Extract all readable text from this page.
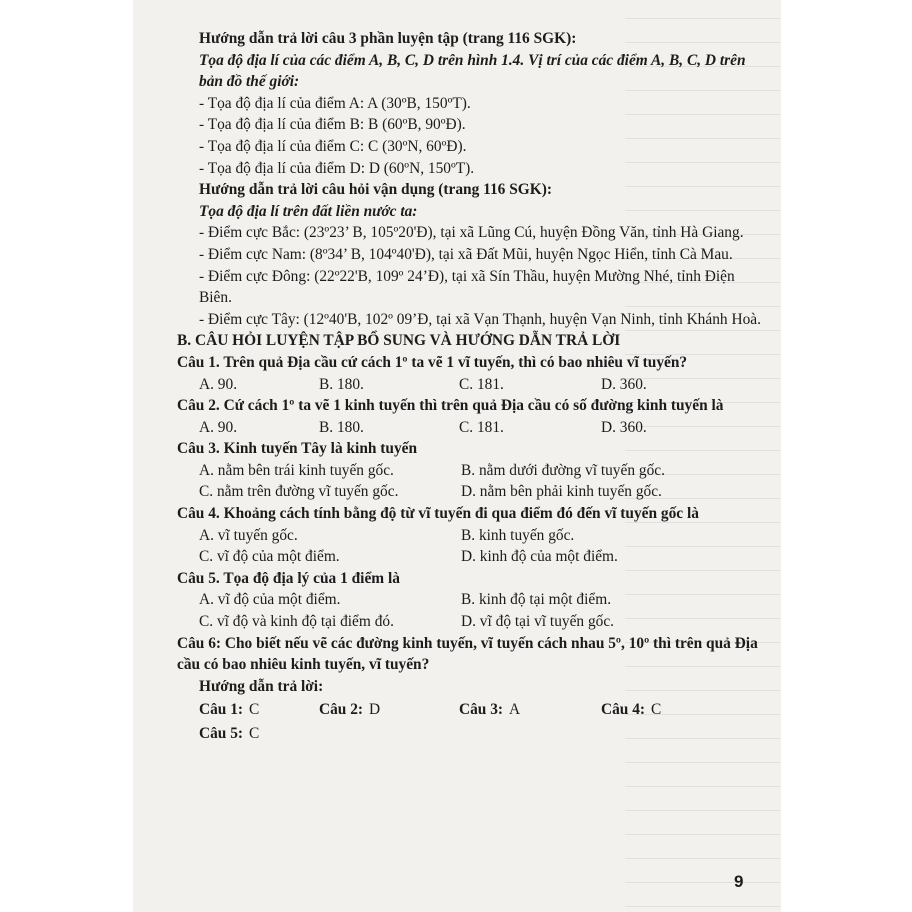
Hướng dẫn trả lời câu 3 phần luyện tập (trang 116 SGK):

Tọa độ địa lí của các điểm A, B, C, D trên hình 1.4. Vị trí của các điểm A, B, C, D trên bản đồ thế giới:

- Tọa độ địa lí của điểm A: A (30ºB, 150ºT).

- Tọa độ địa lí của điểm B: B (60ºB, 90ºĐ).

- Tọa độ địa lí của điểm C: C (30ºN, 60ºĐ).

- Tọa độ địa lí của điểm D: D (60ºN, 150ºT).

Hướng dẫn trả lời câu hỏi vận dụng (trang 116 SGK):

Tọa độ địa lí trên đất liền nước ta:

- Điểm cực Bắc: (23º23’ B, 105º20'Đ), tại xã Lũng Cú, huyện Đồng Văn, tỉnh Hà Giang.

- Điểm cực Nam: (8º34’ B, 104º40'Đ), tại xã Đất Mũi, huyện Ngọc Hiển, tỉnh Cà Mau.

- Điểm cực Đông: (22º22'B, 109º 24’Đ), tại xã Sín Thầu, huyện Mường Nhé, tỉnh Điện Biên.

- Điểm cực Tây: (12º40'B, 102º 09’Đ, tại xã Vạn Thạnh, huyện Vạn Ninh, tỉnh Khánh Hoà.

B. CÂU HỎI LUYỆN TẬP BỔ SUNG VÀ HƯỚNG DẪN TRẢ LỜI

Câu 1. Trên quả Địa cầu cứ cách 1º ta vẽ 1 vĩ tuyến, thì có bao nhiêu vĩ tuyến?

A. 90.	B. 180.	C. 181.	D. 360.

Câu 2. Cứ cách 1º ta vẽ 1 kinh tuyến thì trên quả Địa cầu có số đường kinh tuyến là

A. 90.	B. 180.	C. 181.	D. 360.

Câu 3. Kinh tuyến Tây là kinh tuyến

A. nằm bên trái kinh tuyến gốc.	B. nằm dưới đường vĩ tuyến gốc.
C. nằm trên đường vĩ tuyến gốc.	D. nằm bên phải kinh tuyến gốc.

Câu 4. Khoảng cách tính bằng độ từ vĩ tuyến đi qua điểm đó đến vĩ tuyến gốc là

A. vĩ tuyến gốc.	B. kinh tuyến gốc.
C. vĩ độ của một điểm.	D. kinh độ của một điểm.

Câu 5. Tọa độ địa lý của 1 điểm là

A. vĩ độ của một điểm.	B. kinh độ tại một điểm.
C. vĩ độ và kinh độ tại điểm đó.	D. vĩ độ tại vĩ tuyến gốc.

Câu 6: Cho biết nếu vẽ các đường kinh tuyến, vĩ tuyến cách nhau 5º, 10º thì trên quả Địa cầu có bao nhiêu kinh tuyến, vĩ tuyến?

Hướng dẫn trả lời:

Câu 1: C	Câu 2: D	Câu 3: A	Câu 4: C
Câu 5: C
9
